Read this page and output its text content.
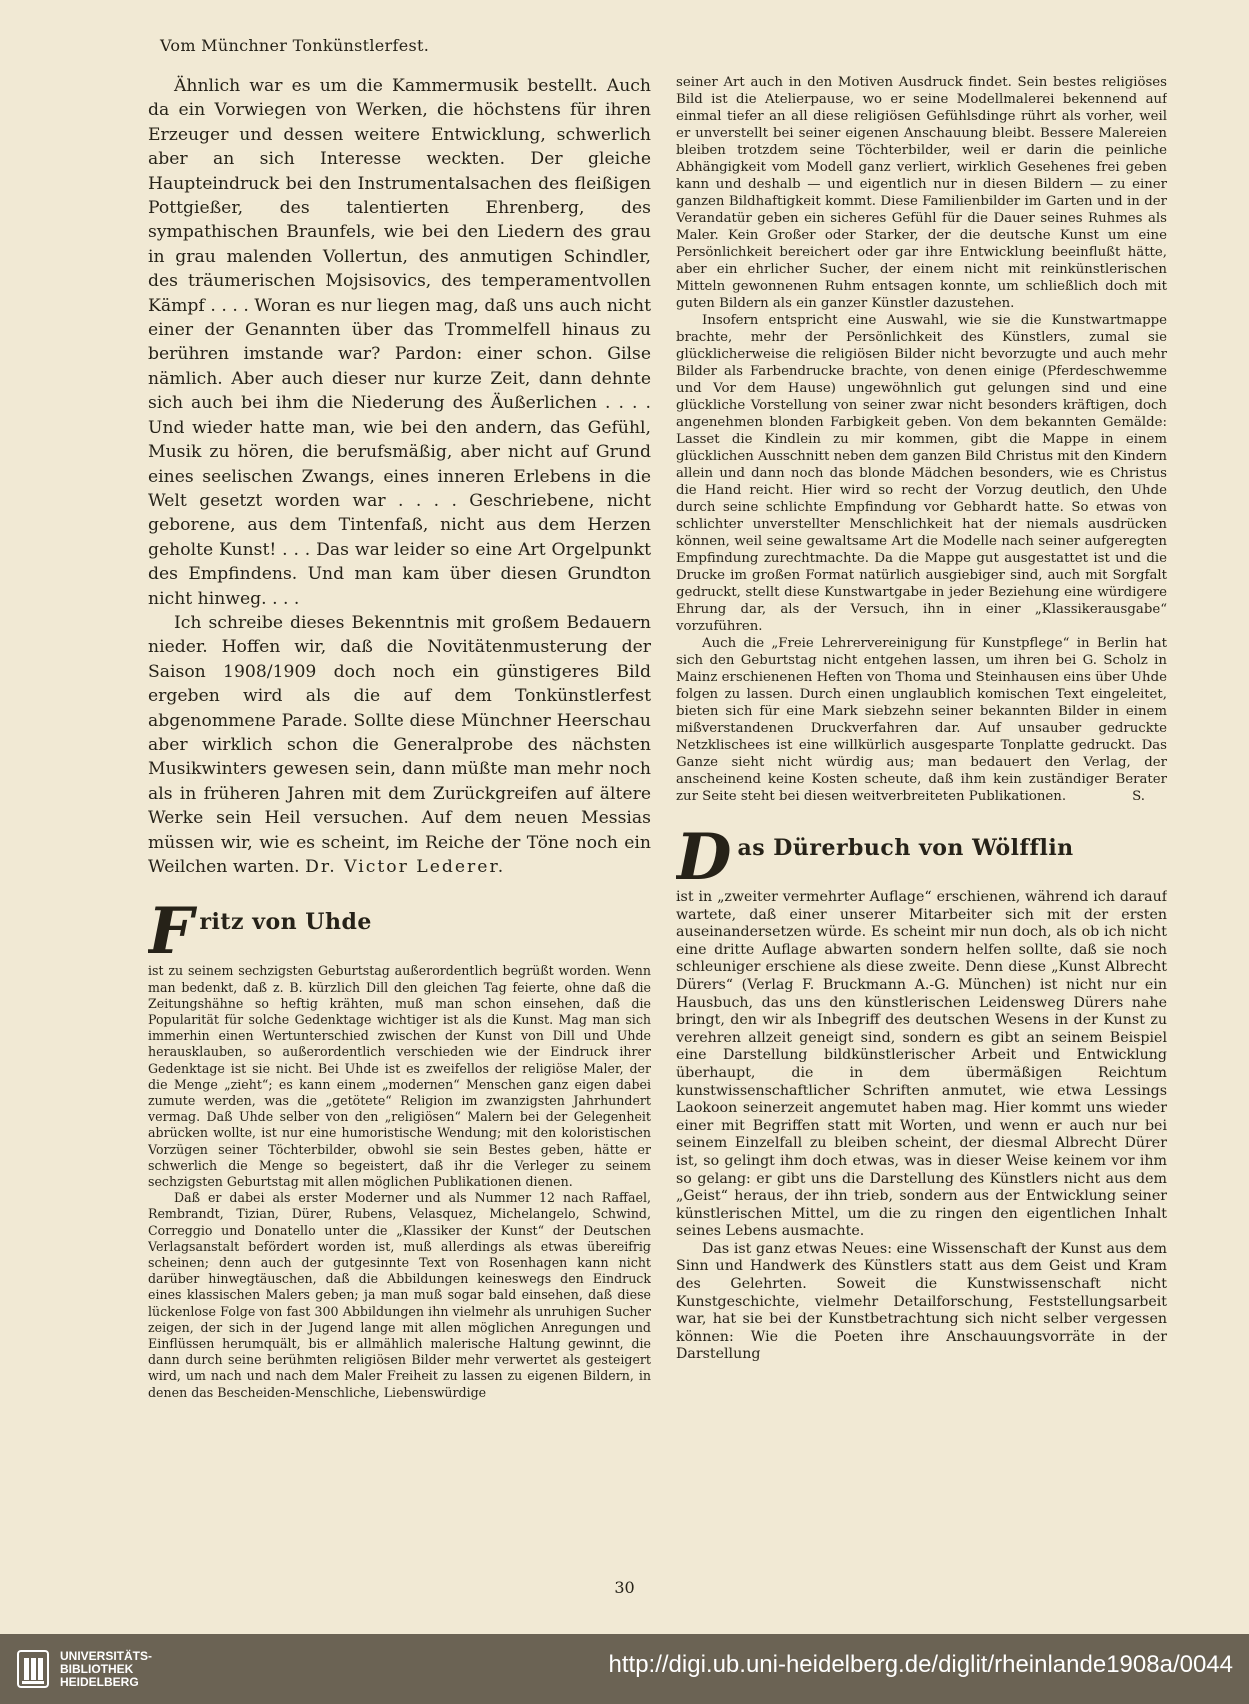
Vom Münchner Tonkünstlerfest.

Ähnlich war es um die Kammermusik bestellt. Auch da ein Vorwiegen von Werken, die höchstens für ihren Erzeuger und dessen weitere Entwicklung, schwerlich aber an sich Interesse weckten. Der gleiche Haupteindruck bei den Instrumentalsachen des fleißigen Pottgießer, des talentierten Ehrenberg, des sympathischen Braunfels, wie bei den Liedern des grau in grau malenden Vollertun, des anmutigen Schindler, des träumerischen Mojsisovics, des temperamentvollen Kämpf . . . . Woran es nur liegen mag, daß uns auch nicht einer der Genannten über das Trommelfell hinaus zu berühren imstande war? Pardon: einer schon. Gilse nämlich. Aber auch dieser nur kurze Zeit, dann dehnte sich auch bei ihm die Niederung des Äußerlichen . . . . Und wieder hatte man, wie bei den andern, das Gefühl, Musik zu hören, die berufsmäßig, aber nicht auf Grund eines seelischen Zwangs, eines inneren Erlebens in die Welt gesetzt worden war . . . . Geschriebene, nicht geborene, aus dem Tintenfaß, nicht aus dem Herzen geholte Kunst! . . . Das war leider so eine Art Orgelpunkt des Empfindens. Und man kam über diesen Grundton nicht hinweg. . . .

Ich schreibe dieses Bekenntnis mit großem Bedauern nieder. Hoffen wir, daß die Novitätenmusterung der Saison 1908/1909 doch noch ein günstigeres Bild ergeben wird als die auf dem Tonkünstlerfest abgenommene Parade. Sollte diese Münchner Heerschau aber wirklich schon die Generalprobe des nächsten Musikwinters gewesen sein, dann müßte man mehr noch als in früheren Jahren mit dem Zurückgreifen auf ältere Werke sein Heil versuchen. Auf dem neuen Messias müssen wir, wie es scheint, im Reiche der Töne noch ein Weilchen warten. Dr. Victor Lederer.

F ritz von Uhde

ist zu seinem sechzigsten Geburtstag außerordentlich begrüßt worden. Wenn man bedenkt, daß z. B. kürzlich Dill den gleichen Tag feierte, ohne daß die Zeitungshähne so heftig krähten, muß man schon einsehen, daß die Popularität für solche Gedenktage wichtiger ist als die Kunst. Mag man sich immerhin einen Wertunterschied zwischen der Kunst von Dill und Uhde herausklauben, so außerordentlich verschieden wie der Eindruck ihrer Gedenktage ist sie nicht. Bei Uhde ist es zweifellos der religiöse Maler, der die Menge „zieht“; es kann einem „modernen“ Menschen ganz eigen dabei zumute werden, was die „getötete“ Religion im zwanzigsten Jahrhundert vermag. Daß Uhde selber von den „religiösen“ Malern bei der Gelegenheit abrücken wollte, ist nur eine humoristische Wendung; mit den koloristischen Vorzügen seiner Töchterbilder, obwohl sie sein Bestes geben, hätte er schwerlich die Menge so begeistert, daß ihr die Verleger zu seinem sechzigsten Geburtstag mit allen möglichen Publikationen dienen.

Daß er dabei als erster Moderner und als Nummer 12 nach Raffael, Rembrandt, Tizian, Dürer, Rubens, Velasquez, Michelangelo, Schwind, Correggio und Donatello unter die „Klassiker der Kunst“ der Deutschen Verlagsanstalt befördert worden ist, muß allerdings als etwas übereifrig scheinen; denn auch der gutgesinnte Text von Rosenhagen kann nicht darüber hinwegtäuschen, daß die Abbildungen keineswegs den Eindruck eines klassischen Malers geben; ja man muß sogar bald einsehen, daß diese lückenlose Folge von fast 300 Abbildungen ihn vielmehr als unruhigen Sucher zeigen, der sich in der Jugend lange mit allen möglichen Anregungen und Einflüssen herumquält, bis er allmählich malerische Haltung gewinnt, die dann durch seine berühmten religiösen Bilder mehr verwertet als gesteigert wird, um nach und nach dem Maler Freiheit zu lassen zu eigenen Bildern, in denen das Bescheiden-Menschliche, Liebenswürdige

seiner Art auch in den Motiven Ausdruck findet. Sein bestes religiöses Bild ist die Atelierpause, wo er seine Modellmalerei bekennend auf einmal tiefer an all diese religiösen Gefühlsdinge rührt als vorher, weil er unverstellt bei seiner eigenen Anschauung bleibt. Bessere Malereien bleiben trotzdem seine Töchterbilder, weil er darin die peinliche Abhängigkeit vom Modell ganz verliert, wirklich Gesehenes frei geben kann und deshalb — und eigentlich nur in diesen Bildern — zu einer ganzen Bildhaftigkeit kommt. Diese Familienbilder im Garten und in der Verandatür geben ein sicheres Gefühl für die Dauer seines Ruhmes als Maler. Kein Großer oder Starker, der die deutsche Kunst um eine Persönlichkeit bereichert oder gar ihre Entwicklung beeinflußt hätte, aber ein ehrlicher Sucher, der einem nicht mit reinkünstlerischen Mitteln gewonnenen Ruhm entsagen konnte, um schließlich doch mit guten Bildern als ein ganzer Künstler dazustehen.

Insofern entspricht eine Auswahl, wie sie die Kunstwartmappe brachte, mehr der Persönlichkeit des Künstlers, zumal sie glücklicherweise die religiösen Bilder nicht bevorzugte und auch mehr Bilder als Farbendrucke brachte, von denen einige (Pferdeschwemme und Vor dem Hause) ungewöhnlich gut gelungen sind und eine glückliche Vorstellung von seiner zwar nicht besonders kräftigen, doch angenehmen blonden Farbigkeit geben. Von dem bekannten Gemälde: Lasset die Kindlein zu mir kommen, gibt die Mappe in einem glücklichen Ausschnitt neben dem ganzen Bild Christus mit den Kindern allein und dann noch das blonde Mädchen besonders, wie es Christus die Hand reicht. Hier wird so recht der Vorzug deutlich, den Uhde durch seine schlichte Empfindung vor Gebhardt hatte. So etwas von schlichter unverstellter Menschlichkeit hat der niemals ausdrücken können, weil seine gewaltsame Art die Modelle nach seiner aufgeregten Empfindung zurechtmachte. Da die Mappe gut ausgestattet ist und die Drucke im großen Format natürlich ausgiebiger sind, auch mit Sorgfalt gedruckt, stellt diese Kunstwartgabe in jeder Beziehung eine würdigere Ehrung dar, als der Versuch, ihn in einer „Klassikerausgabe“ vorzuführen.

Auch die „Freie Lehrervereinigung für Kunstpflege“ in Berlin hat sich den Geburtstag nicht entgehen lassen, um ihren bei G. Scholz in Mainz erschienenen Heften von Thoma und Steinhausen eins über Uhde folgen zu lassen. Durch einen unglaublich komischen Text eingeleitet, bieten sich für eine Mark siebzehn seiner bekannten Bilder in einem mißverstandenen Druckverfahren dar. Auf unsauber gedruckte Netzklischees ist eine willkürlich ausgesparte Tonplatte gedruckt. Das Ganze sieht nicht würdig aus; man bedauert den Verlag, der anscheinend keine Kosten scheute, daß ihm kein zuständiger Berater zur Seite steht bei diesen weitverbreiteten Publikationen.	S.

D as Dürerbuch von Wölfflin

ist in „zweiter vermehrter Auflage“ erschienen, während ich darauf wartete, daß einer unserer Mitarbeiter sich mit der ersten auseinandersetzen würde. Es scheint mir nun doch, als ob ich nicht eine dritte Auflage abwarten sondern helfen sollte, daß sie noch schleuniger erschiene als diese zweite. Denn diese „Kunst Albrecht Dürers“ (Verlag F. Bruckmann A.-G. München) ist nicht nur ein Hausbuch, das uns den künstlerischen Leidensweg Dürers nahe bringt, den wir als Inbegriff des deutschen Wesens in der Kunst zu verehren allzeit geneigt sind, sondern es gibt an seinem Beispiel eine Darstellung bildkünstlerischer Arbeit und Entwicklung überhaupt, die in dem übermäßigen Reichtum kunstwissenschaftlicher Schriften anmutet, wie etwa Lessings Laokoon seinerzeit angemutet haben mag. Hier kommt uns wieder einer mit Begriffen statt mit Worten, und wenn er auch nur bei seinem Einzelfall zu bleiben scheint, der diesmal Albrecht Dürer ist, so gelingt ihm doch etwas, was in dieser Weise keinem vor ihm so gelang: er gibt uns die Darstellung des Künstlers nicht aus dem „Geist“ heraus, der ihn trieb, sondern aus der Entwicklung seiner künstlerischen Mittel, um die zu ringen den eigentlichen Inhalt seines Lebens ausmachte.

Das ist ganz etwas Neues: eine Wissenschaft der Kunst aus dem Sinn und Handwerk des Künstlers statt aus dem Geist und Kram des Gelehrten. Soweit die Kunstwissenschaft nicht Kunstgeschichte, vielmehr Detailforschung, Feststellungsarbeit war, hat sie bei der Kunstbetrachtung sich nicht selber vergessen können: Wie die Poeten ihre Anschauungsvorräte in der Darstellung

30
UNIVERSITÄTS-
BIBLIOTHEK
HEIDELBERG
http://digi.ub.uni-heidelberg.de/diglit/rheinlande1908a/0044
